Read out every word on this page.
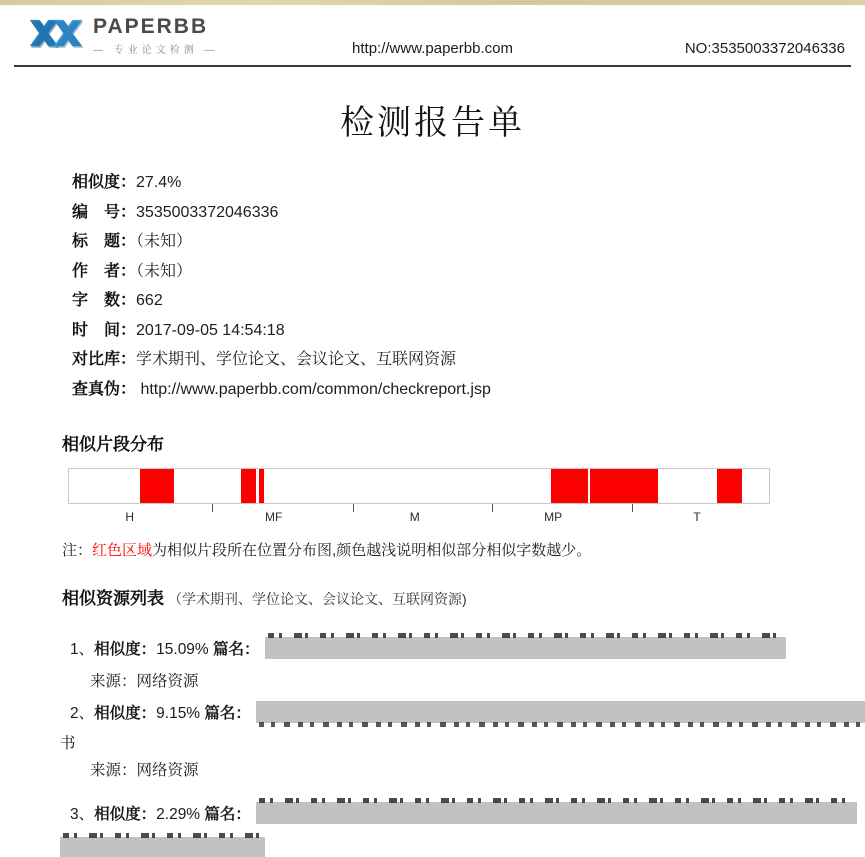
PAPERBB
— 专业论文检测 —	http://www.paperbb.com	NO:3535003372046336
检测报告单
相似度：27.4%
编　号：3535003372046336
标　题：（未知）
作　者：（未知）
字　数：662
时　间：2017-09-05 14:54:18
对比库：学术期刊、学位论文、会议论文、互联网资源
查真伪： http://www.paperbb.com/common/checkreport.jsp
相似片段分布
H	MF	M	MP	T
注：红色区域为相似片段所在位置分布图,颜色越浅说明相似部分相似字数越少。
相似资源列表 （学术期刊、学位论文、会议论文、互联网资源)
1、相似度：15.09% 篇名：
来源： 网络资源
2、相似度：9.15% 篇名：
书
来源： 网络资源
3、相似度：2.29% 篇名：
